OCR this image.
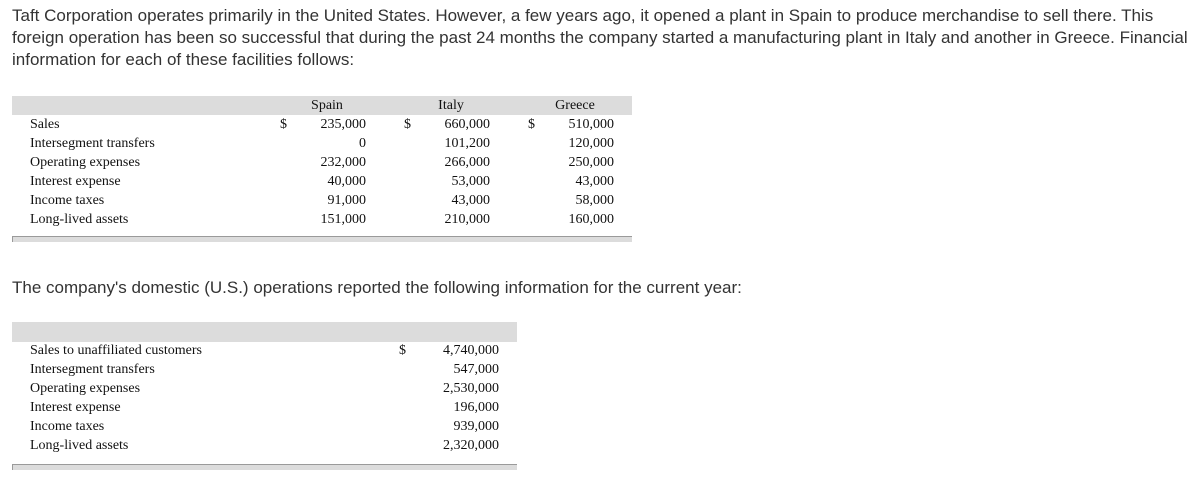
Taft Corporation operates primarily in the United States. However, a few years ago, it opened a plant in Spain to produce merchandise to sell there. This foreign operation has been so successful that during the past 24 months the company started a manufacturing plant in Italy and another in Greece. Financial information for each of these facilities follows:

Spain	Italy	Greece
$	$	$
Sales	235,000	660,000	510,000
Intersegment transfers	0	101,200	120,000
Operating expenses	232,000	266,000	250,000
Interest expense	40,000	53,000	43,000
Income taxes	91,000	43,000	58,000
Long-lived assets	151,000	210,000	160,000

The company's domestic (U.S.) operations reported the following information for the current year:

$
Sales to unaffiliated customers	4,740,000
Intersegment transfers	547,000
Operating expenses	2,530,000
Interest expense	196,000
Income taxes	939,000
Long-lived assets	2,320,000
